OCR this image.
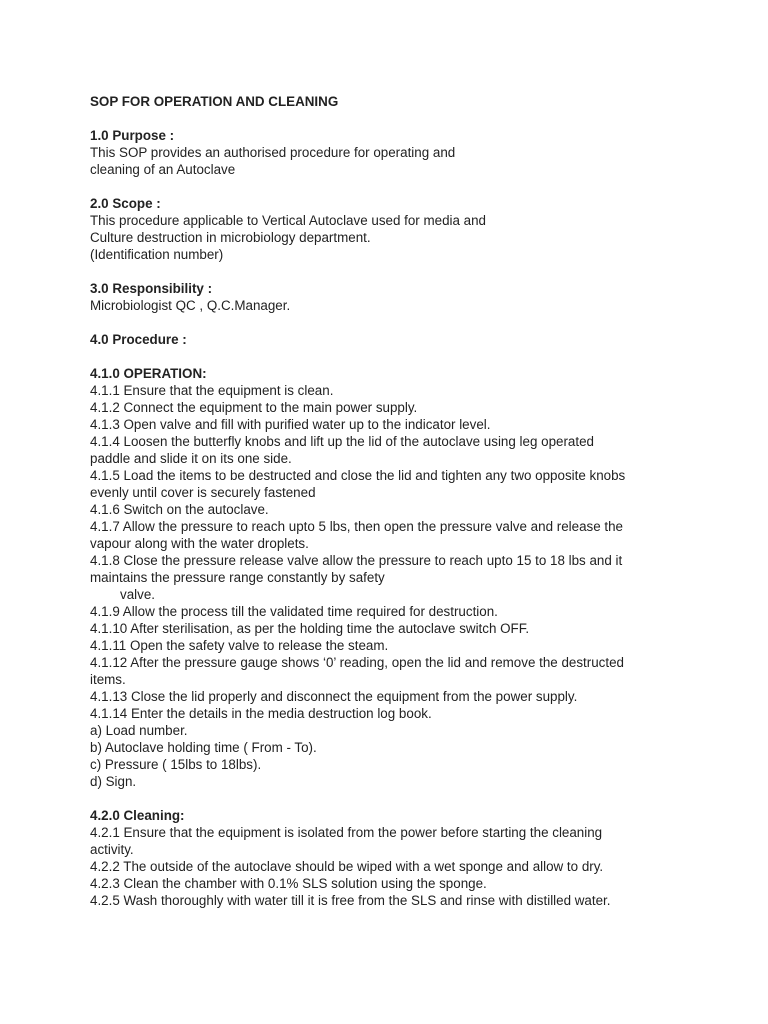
SOP FOR OPERATION AND CLEANING
1.0 Purpose :
This SOP provides an authorised procedure for operating and
cleaning of an Autoclave
2.0 Scope :
This procedure applicable to Vertical Autoclave used for media and
Culture destruction in microbiology department.
(Identification number)
3.0 Responsibility :
Microbiologist QC , Q.C.Manager.
4.0 Procedure :
4.1.0 OPERATION:
4.1.1 Ensure that the equipment is clean.
4.1.2 Connect the equipment to the main power supply.
4.1.3 Open valve and fill with purified water up to the indicator level.
4.1.4 Loosen the butterfly knobs and lift up the lid of the autoclave using leg operated
paddle and slide it on its one side.
4.1.5 Load the items to be destructed and close the lid and tighten any two opposite knobs
evenly until cover is securely fastened
4.1.6 Switch on the autoclave.
4.1.7 Allow the pressure to reach upto 5 lbs, then open the pressure valve and release the
vapour along with the water droplets.
4.1.8 Close the pressure release valve allow the pressure to reach upto 15 to 18 lbs and it
maintains the pressure range constantly by safety
valve.
4.1.9 Allow the process till the validated time required for destruction.
4.1.10 After sterilisation, as per the holding time the autoclave switch OFF.
4.1.11 Open the safety valve to release the steam.
4.1.12 After the pressure gauge shows ‘0’ reading, open the lid and remove the destructed
items.
4.1.13 Close the lid properly and disconnect the equipment from the power supply.
4.1.14 Enter the details in the media destruction log book.
a) Load number.
b) Autoclave holding time ( From - To).
c) Pressure ( 15lbs to 18lbs).
d) Sign.
4.2.0 Cleaning:
4.2.1 Ensure that the equipment is isolated from the power before starting the cleaning
activity.
4.2.2 The outside of the autoclave should be wiped with a wet sponge and allow to dry.
4.2.3 Clean the chamber with 0.1% SLS solution using the sponge.
4.2.5 Wash thoroughly with water till it is free from the SLS and rinse with distilled water.
